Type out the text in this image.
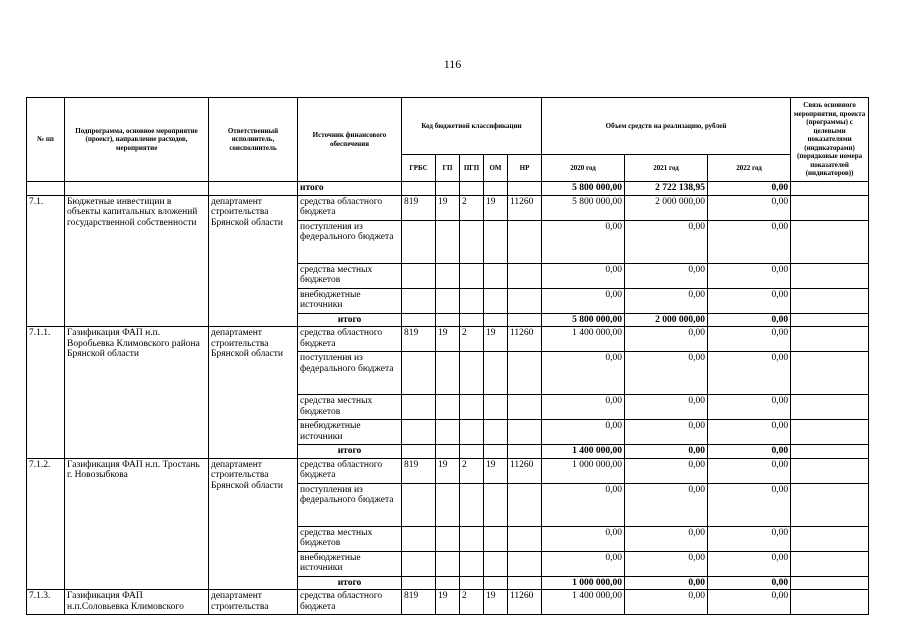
116
№ пп	Подпрограмма, основное мероприятие (проект), направление расходов, мероприятие	Ответственный исполнитель, соисполнитель	Источник финансового обеспечения	Код бюджетной классификации					Объем средств на реализацию, рублей			Связь основного мероприятия, проекта (программы) с целевыми показателями (индикаторами) (порядковые номера показателей (индикаторов))
				ГРБС	ГП	ПГП	ОМ	НР	2020 год	2021 год	2022 год	
			итого						5 800 000,00	2 722 138,95	0,00	
7.1.	Бюджетные инвестиции в объекты капитальных вложений государственной собственности	департамент строительства Брянской области	средства областного бюджета	819	19	2	19	11260	5 800 000,00	2 000 000,00	0,00	
			поступления из федерального бюджета						0,00	0,00	0,00	
			средства местных бюджетов						0,00	0,00	0,00	
			внебюджетные источники						0,00	0,00	0,00	
			итого						5 800 000,00	2 000 000,00	0,00	
7.1.1.	Газификация ФАП н.п. Воробьевка Климовского района Брянской области	департамент строительства Брянской области	средства областного бюджета	819	19	2	19	11260	1 400 000,00	0,00	0,00	
			поступления из федерального бюджета						0,00	0,00	0,00	
			средства местных бюджетов						0,00	0,00	0,00	
			внебюджетные источники						0,00	0,00	0,00	
			итого						1 400 000,00	0,00	0,00	
7.1.2.	Газификация ФАП н.п. Тростань г. Новозыбкова	департамент строительства Брянской области	средства областного бюджета	819	19	2	19	11260	1 000 000,00	0,00	0,00	
			поступления из федерального бюджета						0,00	0,00	0,00	
			средства местных бюджетов						0,00	0,00	0,00	
			внебюджетные источники						0,00	0,00	0,00	
			итого						1 000 000,00	0,00	0,00	
7.1.3.	Газификация ФАП н.п.Соловьевка Климовского	департамент строительства	средства областного бюджета	819	19	2	19	11260	1 400 000,00	0,00	0,00	
